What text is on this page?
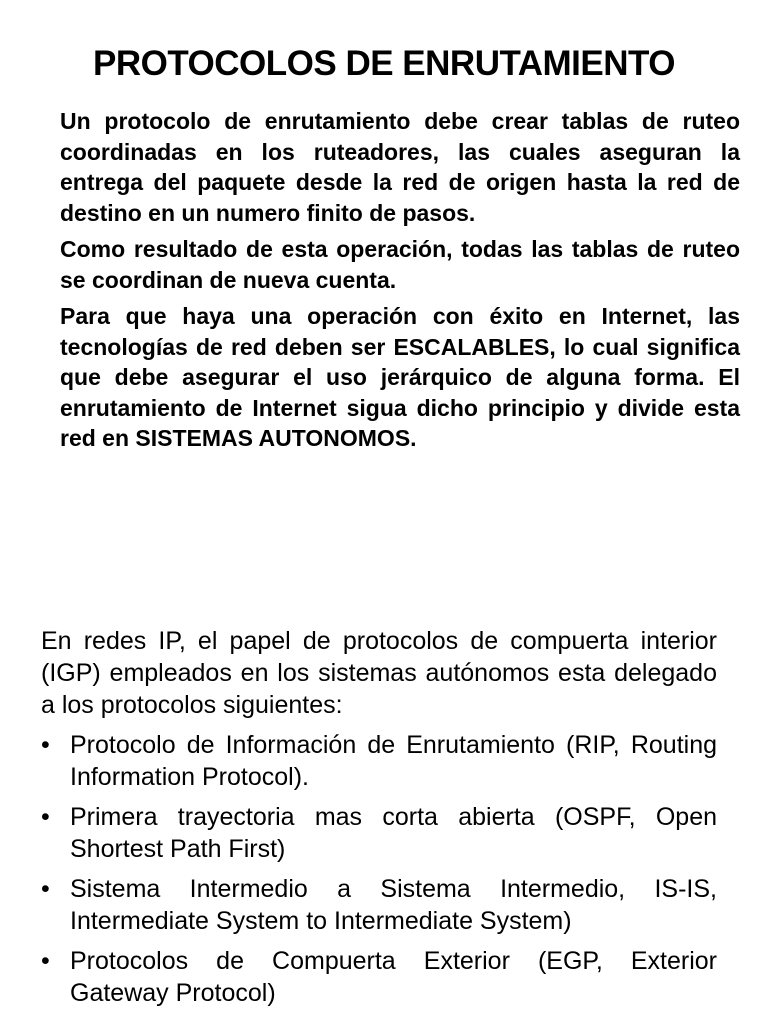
PROTOCOLOS DE ENRUTAMIENTO

Un protocolo de enrutamiento debe crear tablas de ruteo coordinadas en los ruteadores, las cuales aseguran la entrega del paquete desde la red de origen hasta la red de destino en un numero finito de pasos.

Como resultado de esta operación, todas las tablas de ruteo se coordinan de nueva cuenta.

Para que haya una operación con éxito en Internet, las tecnologías de red deben ser ESCALABLES, lo cual significa que debe asegurar el uso jerárquico de alguna forma. El enrutamiento de Internet sigua dicho principio y divide esta red en SISTEMAS AUTONOMOS.

En redes IP, el papel de protocolos de compuerta interior (IGP) empleados en los sistemas autónomos esta delegado a los protocolos siguientes:

• Protocolo de Información de Enrutamiento (RIP, Routing Information Protocol).
• Primera trayectoria mas corta abierta (OSPF, Open Shortest Path First)
• Sistema Intermedio a Sistema Intermedio, IS-IS, Intermediate System to Intermediate System)
• Protocolos de Compuerta Exterior (EGP, Exterior Gateway Protocol)
